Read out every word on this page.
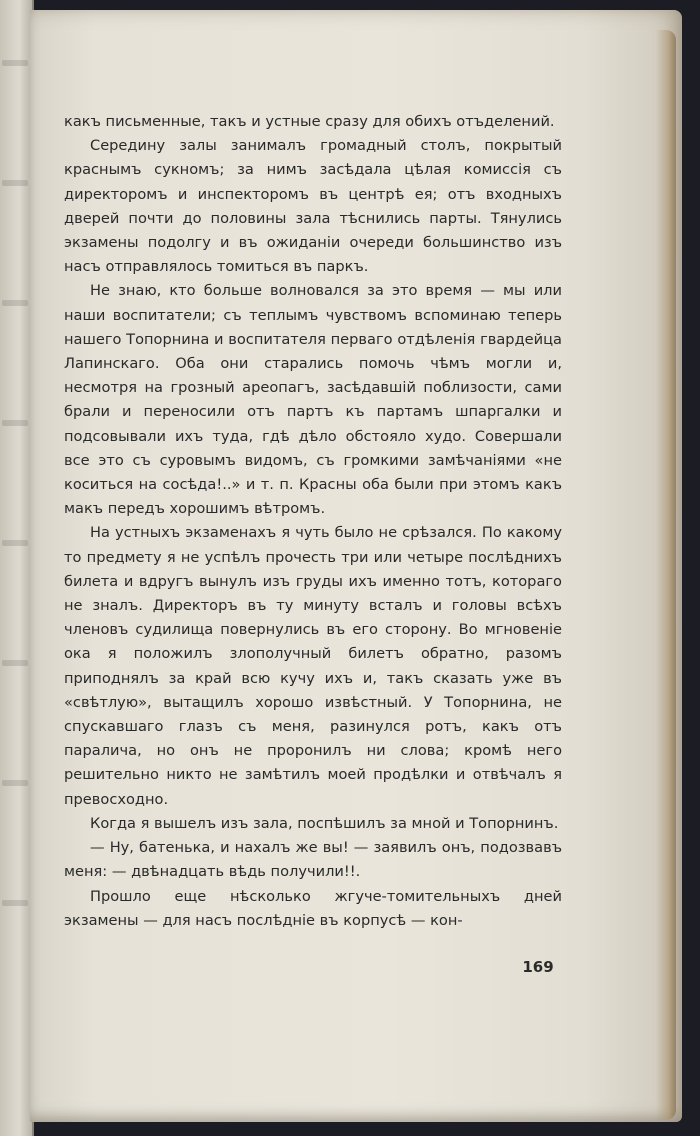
какъ письменные, такъ и устные сразу для обихъ отъделений.

Середину залы занималъ громадный столъ, покрытый краснымъ сукномъ; за нимъ засѣдала цѣлая комиссія съ директоромъ и инспекторомъ въ центрѣ ея; отъ входныхъ дверей почти до половины зала тѣснились парты. Тянулись экзамены подолгу и въ ожиданіи очереди большинство изъ насъ отправлялось томиться въ паркъ.

Не знаю, кто больше волновался за это время — мы или наши воспитатели; съ теплымъ чувствомъ вспоминаю теперь нашего Топорнина и воспитателя перваго отдѣленія гвардейца Лапинскаго. Оба они старались помочь чѣмъ могли и, несмотря на грозный ареопагъ, засѣдавшій поблизости, сами брали и переносили отъ партъ къ партамъ шпаргалки и подсовывали ихъ туда, гдѣ дѣло обстояло худо. Совершали все это съ суровымъ видомъ, съ громкими замѣчаніями «не коситься на сосѣда!..» и т. п. Красны оба были при этомъ какъ макъ передъ хорошимъ вѣтромъ.

На устныхъ экзаменахъ я чуть было не срѣзался. По какому то предмету я не успѣлъ прочесть три или четыре послѣднихъ билета и вдругъ вынулъ изъ груды ихъ именно тотъ, котораго не зналъ. Директоръ въ ту минуту всталъ и головы всѣхъ членовъ судилища повернулись въ его сторону. Во мгновеніе ока я положилъ злополучный билетъ обратно, разомъ приподнялъ за край всю кучу ихъ и, такъ сказать уже въ «свѣтлую», вытащилъ хорошо извѣстный. У Топорнина, не спускавшаго глазъ съ меня, разинулся ротъ, какъ отъ паралича, но онъ не проронилъ ни слова; кромѣ него решительно никто не замѣтилъ моей продѣлки и отвѣчалъ я превосходно.

Когда я вышелъ изъ зала, поспѣшилъ за мной и Топорнинъ.

— Ну, батенька, и нахалъ же вы! — заявилъ онъ, подозвавъ меня: — двѣнадцать вѣдь получили!!.

Прошло еще нѣсколько жгуче-томительныхъ дней экзамены — для насъ послѣдніе въ корпусѣ — кон-

169
